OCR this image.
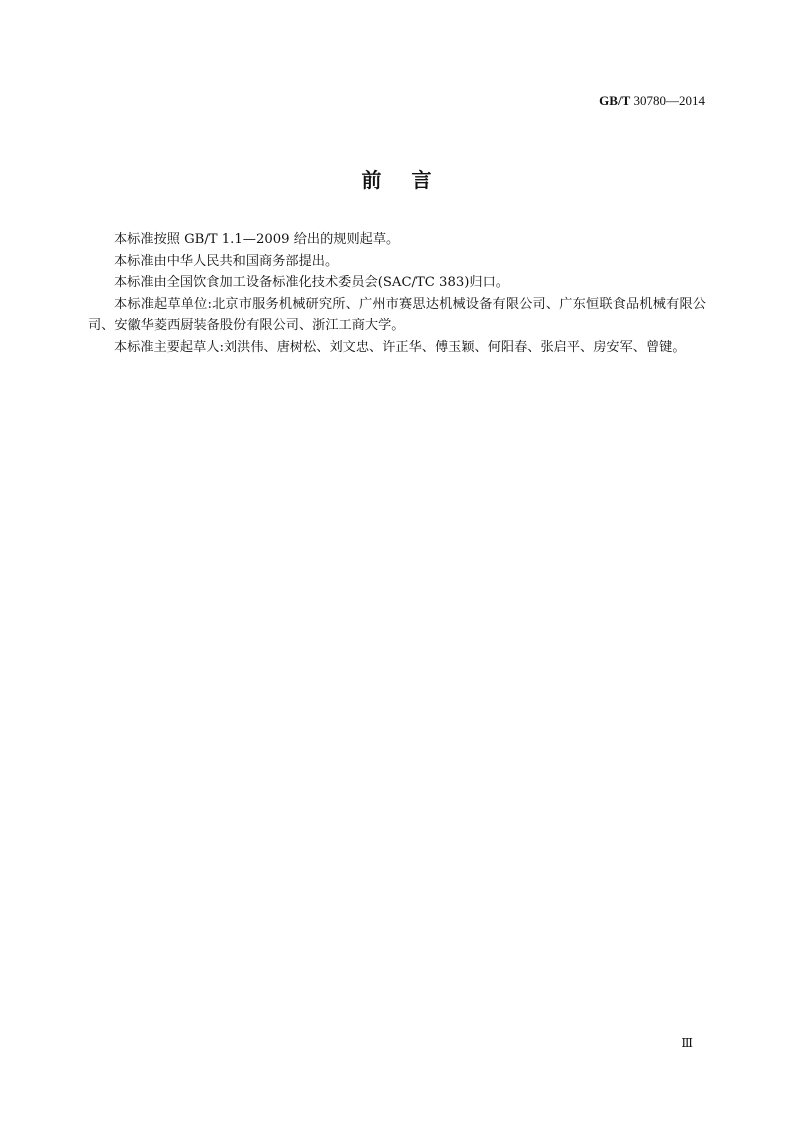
GB/T 30780—2014
前言

本标准按照 GB/T 1.1—2009 给出的规则起草。

本标准由中华人民共和国商务部提出。

本标准由全国饮食加工设备标准化技术委员会(SAC/TC 383)归口。

本标准起草单位:北京市服务机械研究所、广州市赛思达机械设备有限公司、广东恒联食品机械有限公司、安徽华菱西厨装备股份有限公司、浙江工商大学。

本标准主要起草人:刘洪伟、唐树松、刘文忠、许正华、傅玉颖、何阳春、张启平、房安军、曾键。

Ⅲ
